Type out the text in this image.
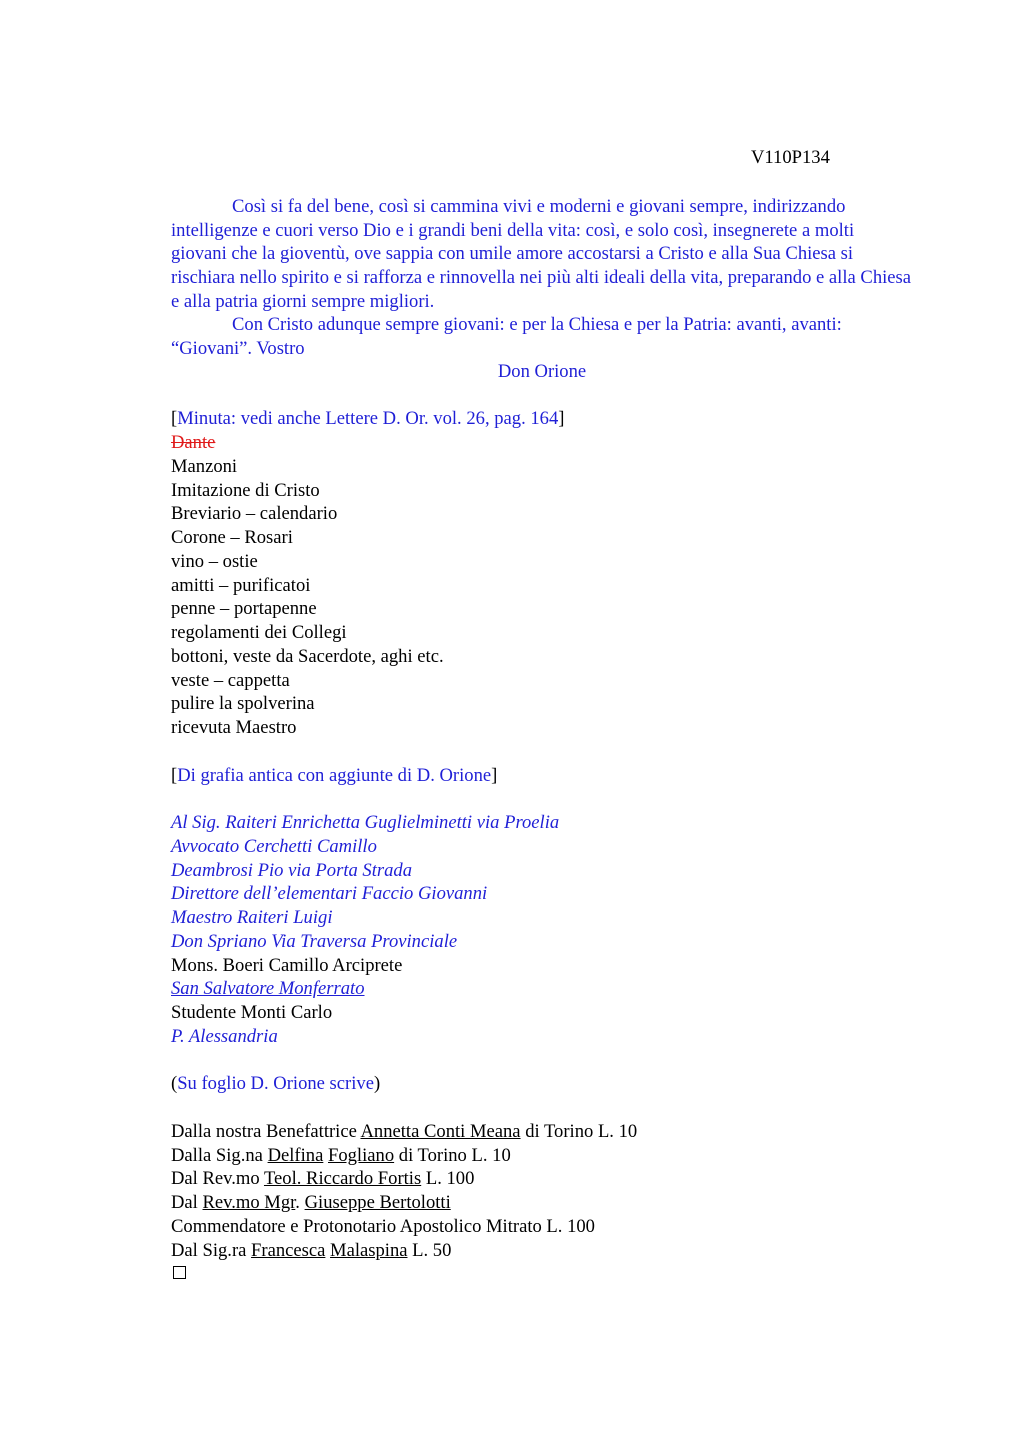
V110P134
Così si fa del bene, così si cammina vivi e moderni e giovani sempre, indirizzando intelligenze e cuori verso Dio e i grandi beni della vita: così, e solo così, insegnerete a molti giovani che la gioventù, ove sappia con umile amore accostarsi a Cristo e alla Sua Chiesa si rischiara nello spirito e si rafforza e rinnovella nei più alti ideali della vita, preparando e alla Chiesa e alla patria giorni sempre migliori.
Con Cristo adunque sempre giovani: e per la Chiesa e per la Patria: avanti, avanti: “Giovani”. Vostro
Don Orione
[Minuta: vedi anche Lettere D. Or. vol. 26, pag. 164]
Dante
Manzoni
Imitazione di Cristo
Breviario – calendario
Corone – Rosari
vino – ostie
amitti – purificatoi
penne – portapenne
regolamenti dei Collegi
bottoni, veste da Sacerdote, aghi etc.
veste – cappetta
pulire la spolverina
ricevuta Maestro
[Di grafia antica con aggiunte di D. Orione]
Al Sig. Raiteri Enrichetta Guglielminetti via Proelia
Avvocato Cerchetti Camillo
Deambrosi Pio via Porta Strada
Direttore dell’elementari Faccio Giovanni
Maestro Raiteri Luigi
Don Spriano Via Traversa Provinciale
Mons. Boeri Camillo Arciprete
San Salvatore Monferrato
Studente Monti Carlo
P. Alessandria
(Su foglio D. Orione scrive)
Dalla nostra Benefattrice Annetta Conti Meana di Torino L. 10
Dalla Sig.na Delfina Fogliano di Torino L. 10
Dal Rev.mo Teol. Riccardo Fortis L. 100
Dal Rev.mo Mgr. Giuseppe Bertolotti
Commendatore e Protonotario Apostolico Mitrato L. 100
Dal Sig.ra Francesca Malaspina L. 50
